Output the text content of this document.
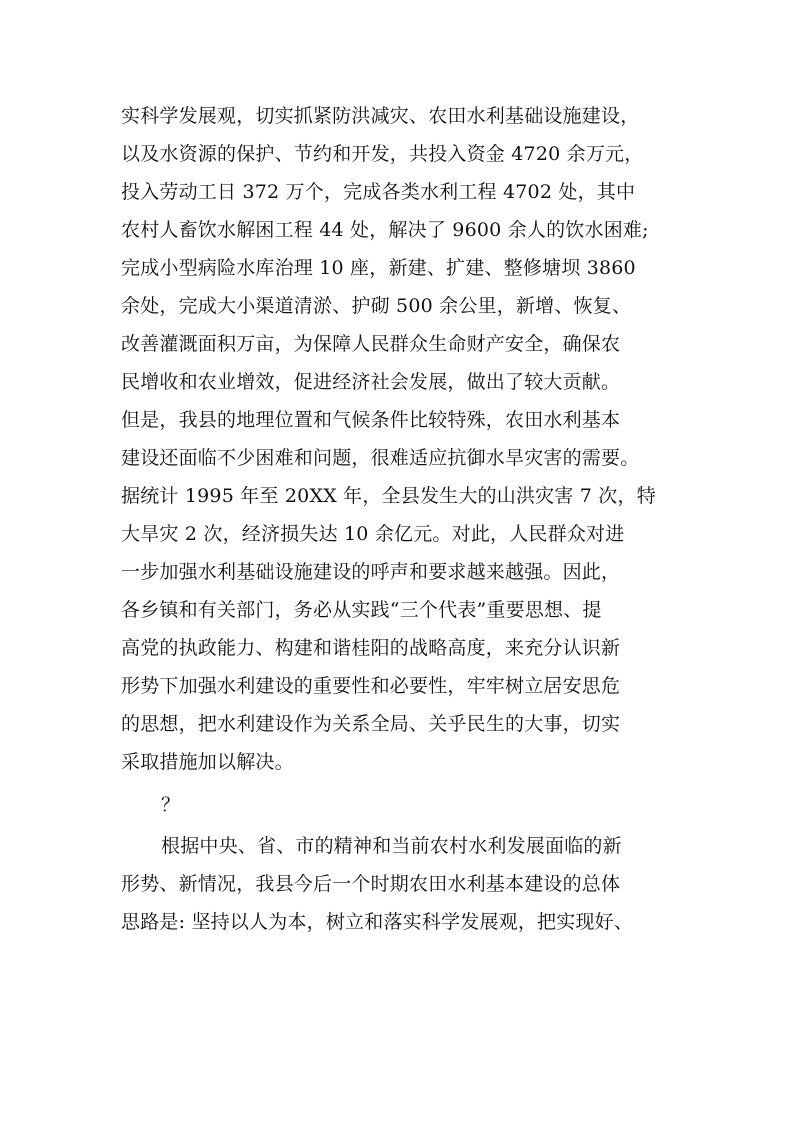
实科学发展观，切实抓紧防洪减灾、农田水利基础设施建设，
以及水资源的保护、节约和开发，共投入资金 4720 余万元，
投入劳动工日 372 万个，完成各类水利工程 4702 处，其中
农村人畜饮水解困工程 44 处，解决了 9600 余人的饮水困难;
完成小型病险水库治理 10 座，新建、扩建、整修塘坝 3860
余处，完成大小渠道清淤、护砌 500 余公里，新增、恢复、
改善灌溉面积万亩，为保障人民群众生命财产安全，确保农
民增收和农业增效，促进经济社会发展，做出了较大贡献。
但是，我县的地理位置和气候条件比较特殊，农田水利基本
建设还面临不少困难和问题，很难适应抗御水旱灾害的需要。
据统计 1995 年至 20XX 年，全县发生大的山洪灾害 7 次，特
大旱灾 2 次，经济损失达 10 余亿元。对此，人民群众对进
一步加强水利基础设施建设的呼声和要求越来越强。因此，
各乡镇和有关部门，务必从实践“三个代表”重要思想、提
高党的执政能力、构建和谐桂阳的战略高度，来充分认识新
形势下加强水利建设的重要性和必要性，牢牢树立居安思危
的思想，把水利建设作为关系全局、关乎民生的大事，切实
采取措施加以解决。
？
根据中央、省、市的精神和当前农村水利发展面临的新
形势、新情况，我县今后一个时期农田水利基本建设的总体
思路是: 坚持以人为本，树立和落实科学发展观，把实现好、
